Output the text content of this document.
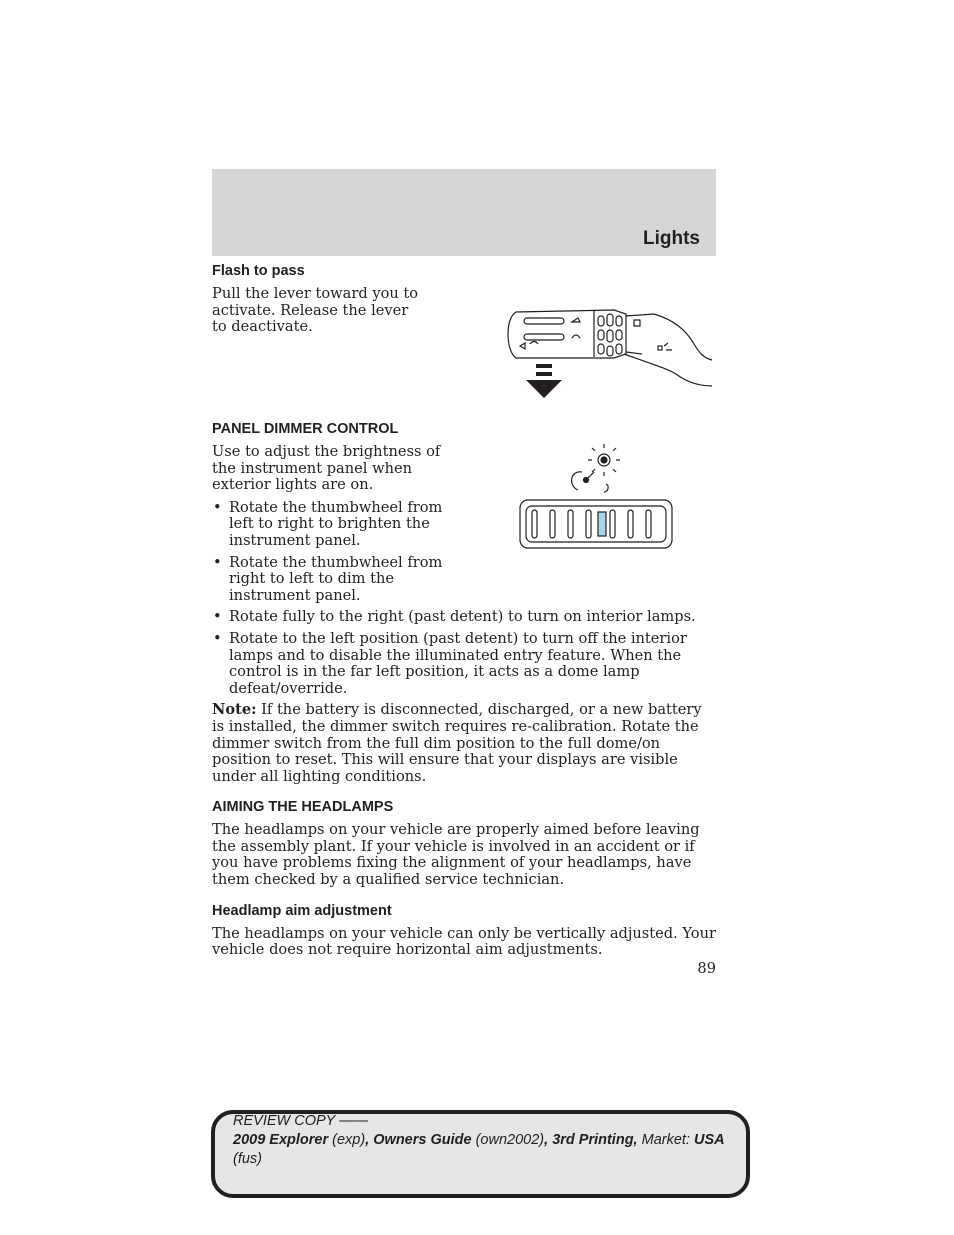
Lights
Flash to pass

Pull the lever toward you to activate. Release the lever to deactivate.

PANEL DIMMER CONTROL

Use to adjust the brightness of the instrument panel when exterior lights are on.

• Rotate the thumbwheel from left to right to brighten the instrument panel.
• Rotate the thumbwheel from right to left to dim the instrument panel.
• Rotate fully to the right (past detent) to turn on interior lamps.
• Rotate to the left position (past detent) to turn off the interior lamps and to disable the illuminated entry feature. When the control is in the far left position, it acts as a dome lamp defeat/override.

Note: If the battery is disconnected, discharged, or a new battery is installed, the dimmer switch requires re-calibration. Rotate the dimmer switch from the full dim position to the full dome/on position to reset. This will ensure that your displays are visible under all lighting conditions.

AIMING THE HEADLAMPS

The headlamps on your vehicle are properly aimed before leaving the assembly plant. If your vehicle is involved in an accident or if you have problems fixing the alignment of your headlamps, have them checked by a qualified service technician.

Headlamp aim adjustment

The headlamps on your vehicle can only be vertically adjusted. Your vehicle does not require horizontal aim adjustments.

89
REVIEW COPY ——
2009 Explorer (exp), Owners Guide (own2002), 3rd Printing, Market: USA
(fus)
